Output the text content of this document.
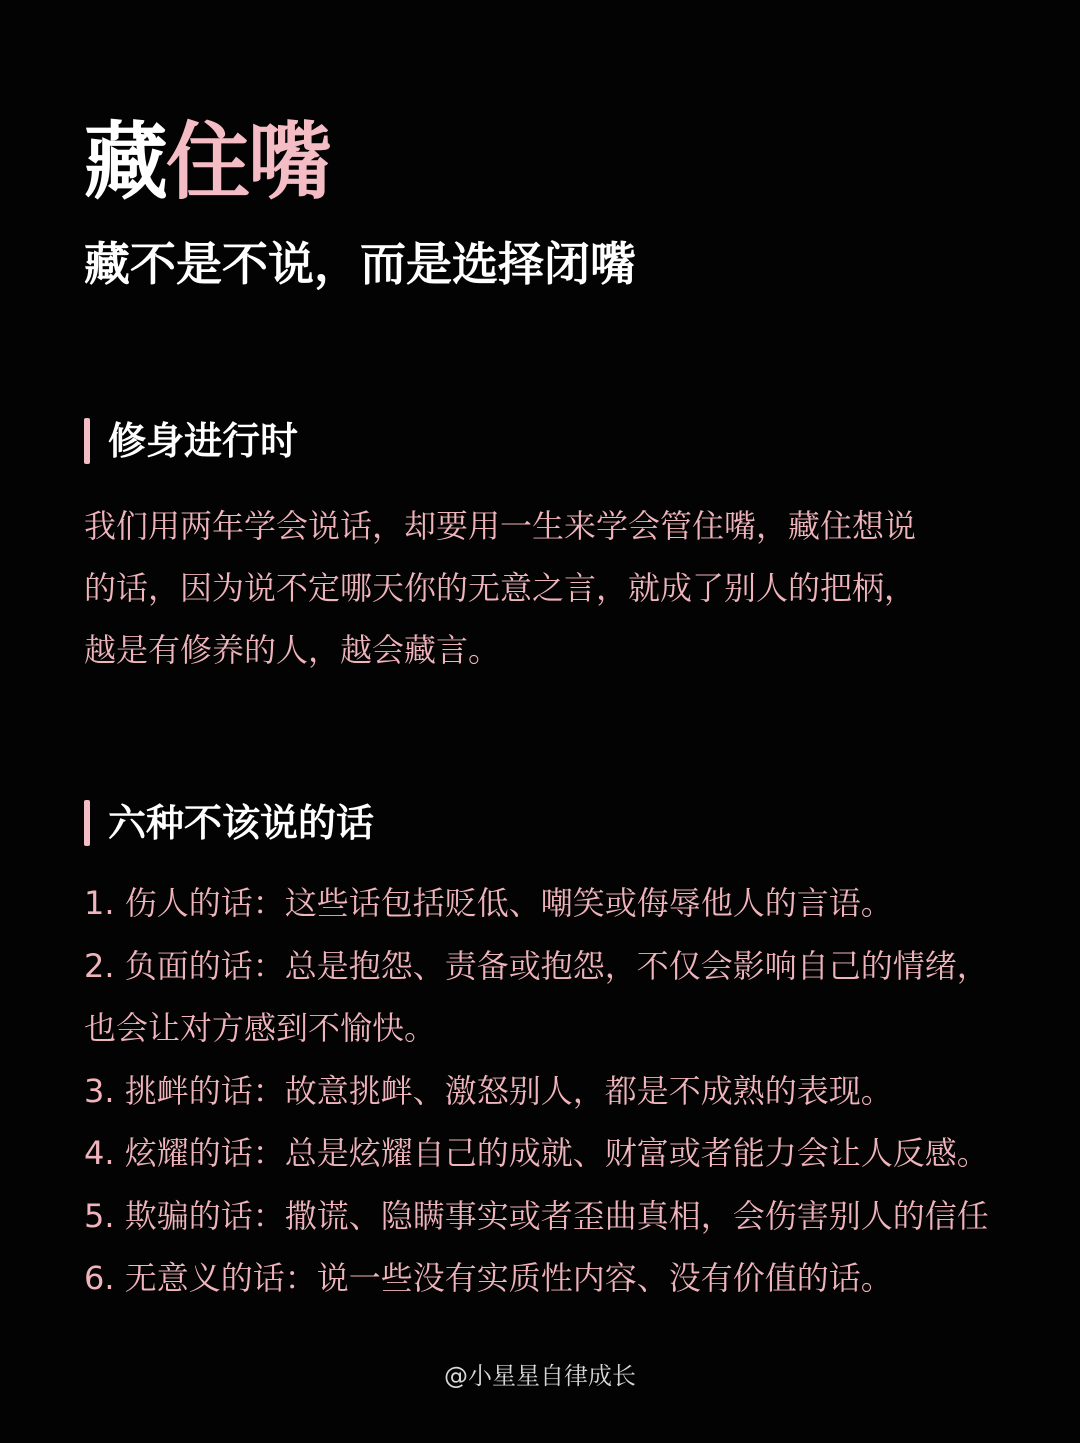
藏住嘴
藏不是不说，而是选择闭嘴
修身进行时
我们用两年学会说话，却要用一生来学会管住嘴，藏住想说
的话，因为说不定哪天你的无意之言，就成了别人的把柄，
越是有修养的人，越会藏言。
六种不该说的话
1. 伤人的话：这些话包括贬低、嘲笑或侮辱他人的言语。
2. 负面的话：总是抱怨、责备或抱怨，不仅会影响自己的情绪，
也会让对方感到不愉快。
3. 挑衅的话：故意挑衅、激怒别人，都是不成熟的表现。
4. 炫耀的话：总是炫耀自己的成就、财富或者能力会让人反感。
5. 欺骗的话：撒谎、隐瞒事实或者歪曲真相，会伤害别人的信任
6. 无意义的话：说一些没有实质性内容、没有价值的话。
@小星星自律成长
